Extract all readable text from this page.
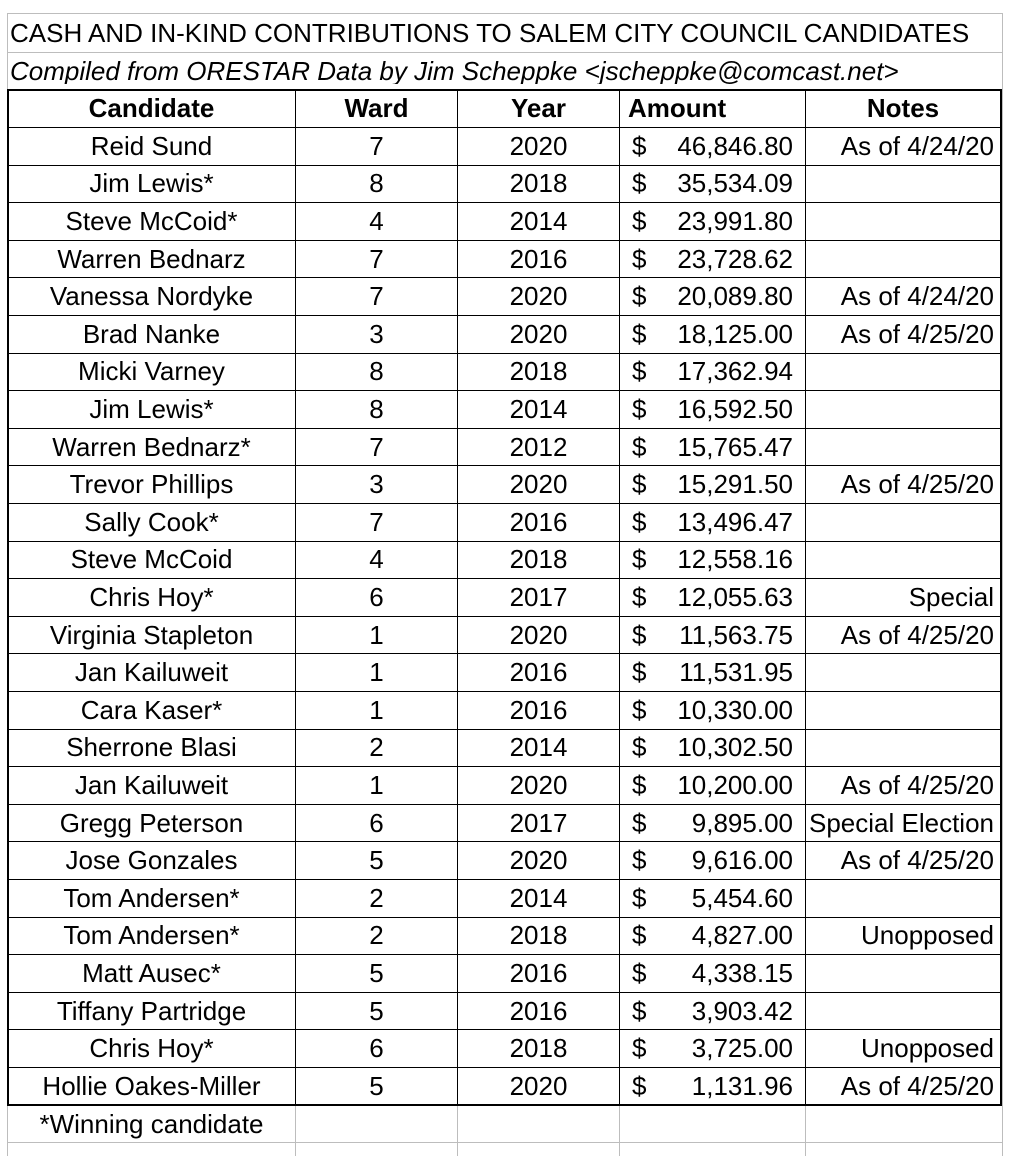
CASH AND IN-KIND CONTRIBUTIONS TO SALEM CITY COUNCIL CANDIDATES
Compiled from ORESTAR Data by Jim Scheppke <jscheppke@comcast.net>
Candidate	Ward	Year	Amount	Notes
Reid Sund	7	2020	$ 46,846.80	As of 4/24/20
Jim Lewis*	8	2018	$ 35,534.09
Steve McCoid*	4	2014	$ 23,991.80
Warren Bednarz	7	2016	$ 23,728.62
Vanessa Nordyke	7	2020	$ 20,089.80	As of 4/24/20
Brad Nanke	3	2020	$ 18,125.00	As of 4/25/20
Micki Varney	8	2018	$ 17,362.94
Jim Lewis*	8	2014	$ 16,592.50
Warren Bednarz*	7	2012	$ 15,765.47
Trevor Phillips	3	2020	$ 15,291.50	As of 4/25/20
Sally Cook*	7	2016	$ 13,496.47
Steve McCoid	4	2018	$ 12,558.16
Chris Hoy*	6	2017	$ 12,055.63	Special
Virginia Stapleton	1	2020	$ 11,563.75	As of 4/25/20
Jan Kailuweit	1	2016	$ 11,531.95
Cara Kaser*	1	2016	$ 10,330.00
Sherrone Blasi	2	2014	$ 10,302.50
Jan Kailuweit	1	2020	$ 10,200.00	As of 4/25/20
Gregg Peterson	6	2017	$ 9,895.00 Special Election
Jose Gonzales	5	2020	$ 9,616.00	As of 4/25/20
Tom Andersen*	2	2014	$ 5,454.60
Tom Andersen*	2	2018	$ 4,827.00	Unopposed
Matt Ausec*	5	2016	$ 4,338.15
Tiffany Partridge	5	2016	$ 3,903.42
Chris Hoy*	6	2018	$ 3,725.00	Unopposed
Hollie Oakes-Miller	5	2020	$ 1,131.96	As of 4/25/20
*Winning candidate
